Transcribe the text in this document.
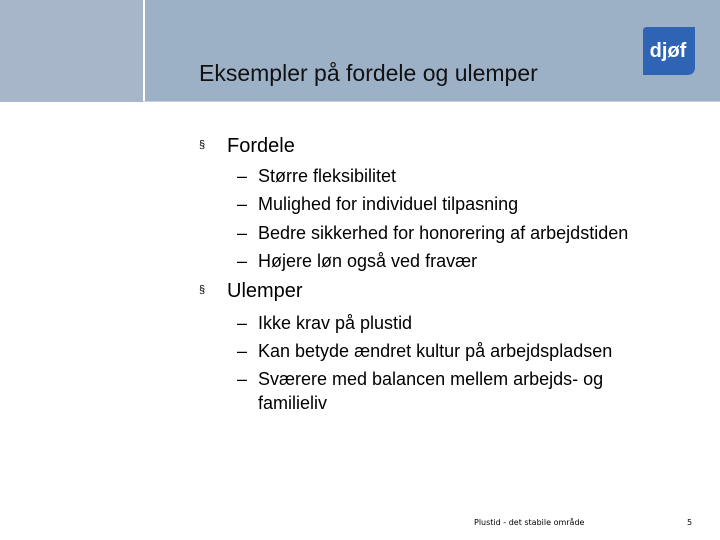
Eksempler på fordele og ulemper
djøf
§ Fordele
– Større fleksibilitet
– Mulighed for individuel tilpasning
– Bedre sikkerhed for honorering af arbejdstiden
– Højere løn også ved fravær
§ Ulemper
– Ikke krav på plustid
– Kan betyde ændret kultur på arbejdspladsen
– Sværere med balancen mellem arbejds- og
familieliv
Plustid - det stabile område	5
